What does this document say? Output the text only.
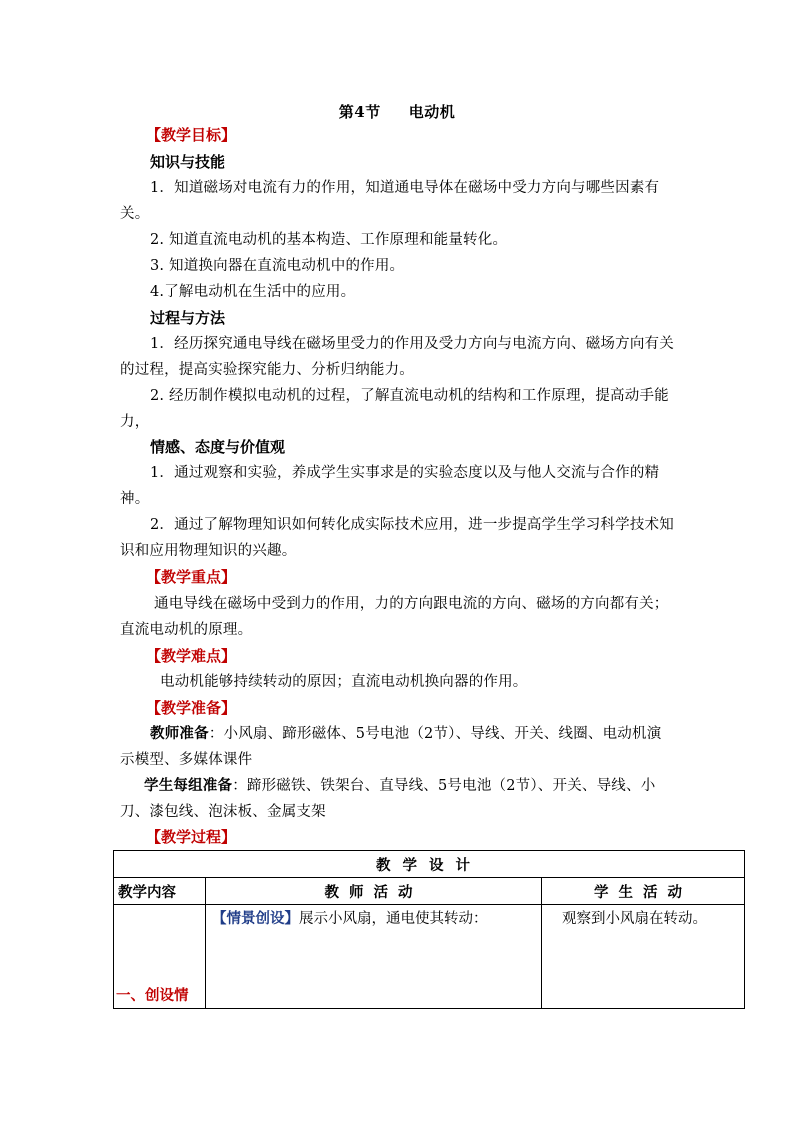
第4节 电动机
【教学目标】
知识与技能
1．知道磁场对电流有力的作用，知道通电导体在磁场中受力方向与哪些因素有关。
2. 知道直流电动机的基本构造、工作原理和能量转化。
3. 知道换向器在直流电动机中的作用。
4.了解电动机在生活中的应用。
过程与方法
1．经历探究通电导线在磁场里受力的作用及受力方向与电流方向、磁场方向有关的过程，提高实验探究能力、分析归纳能力。
2. 经历制作模拟电动机的过程，了解直流电动机的结构和工作原理，提高动手能力，
情感、态度与价值观
1．通过观察和实验，养成学生实事求是的实验态度以及与他人交流与合作的精神。
2．通过了解物理知识如何转化成实际技术应用，进一步提高学生学习科学技术知识和应用物理知识的兴趣。
【教学重点】
通电导线在磁场中受到力的作用，力的方向跟电流的方向、磁场的方向都有关；直流电动机的原理。
【教学难点】
电动机能够持续转动的原因；直流电动机换向器的作用。
【教学准备】
教师准备：小风扇、蹄形磁体、5号电池（2节）、导线、开关、线圈、电动机演示模型、多媒体课件
学生每组准备：蹄形磁铁、铁架台、直导线、5号电池（2节）、开关、导线、小刀、漆包线、泡沫板、金属支架
【教学过程】
教学设计		
教学内容	教师活动	学生活动
一、创设情	【情景创设】展示小风扇，通电使其转动：	观察到小风扇在转动。
